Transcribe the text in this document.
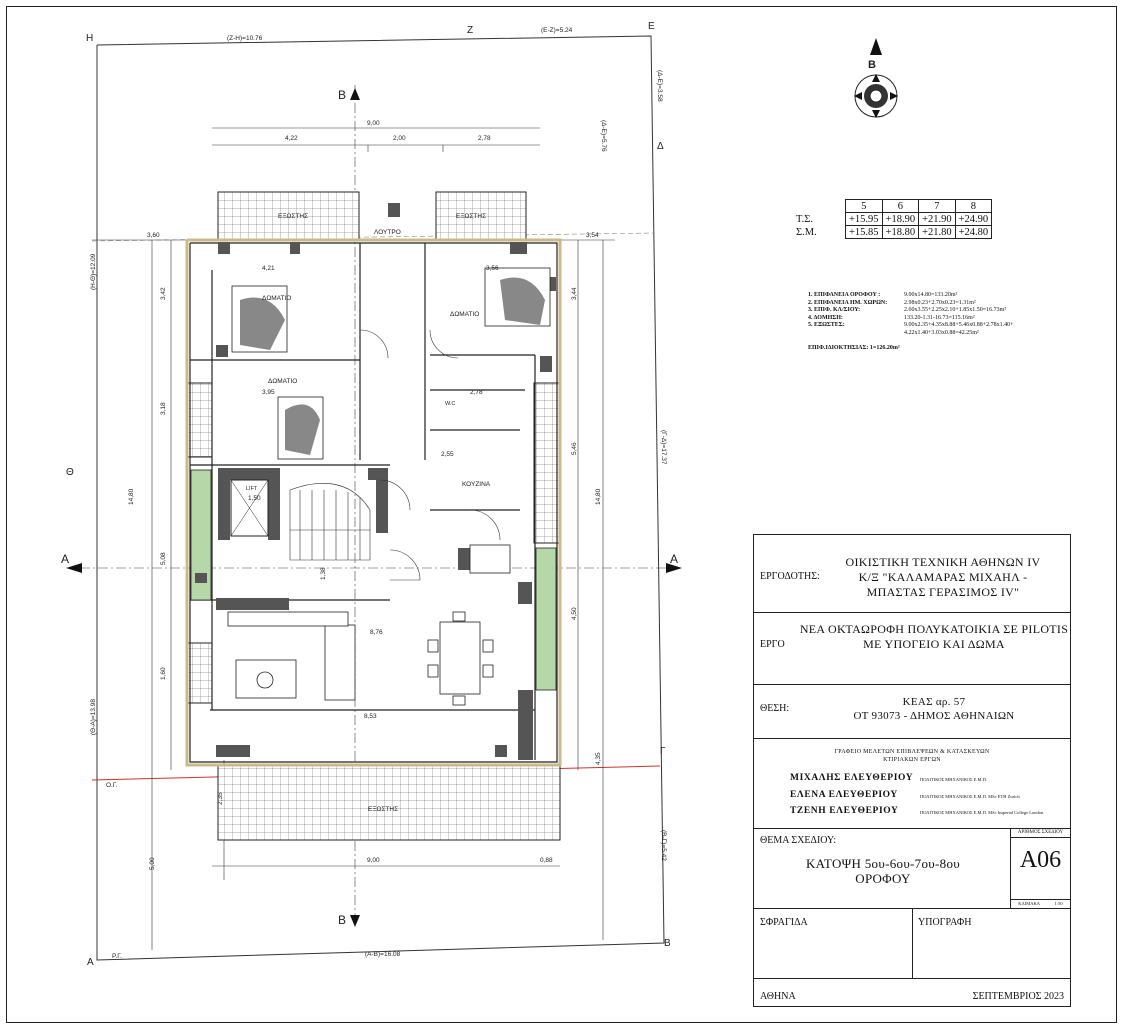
H
Z	E
Δ
Θ
Γ
A
B
B
B
A	A
(Z-H)=10.76
(E-Z)=5.24
(Δ-E)=3.58
(Δ-E)=5.76
(Γ-Δ)=17.37
(B-Γ)=5.42
(A-B)=16.08
(H-Θ)=12.09
(Θ-A)=13.98
Ρ.Γ.
Ο.Γ.
9,00
4,22	2,00	2,78
3,60	3,54
3,42	3,44
3,18
14,80	14,80
5,46
5,08
4,50
1,60
4,35
2,35
5,00	9,00	0,88
4,21	3,56
3,95
8,76
8,53
2,55
2,78
1,38
1,50
ΕΞΩΣΤΗΣ	ΕΞΩΣΤΗΣ
ΕΞΩΣΤΗΣ
ΛΟΥΤΡΟ
ΔΩΜΑΤΙΟ
ΔΩΜΑΤΙΟ
ΔΩΜΑΤΙΟ
W.C
ΚΟΥΖΙΝΑ
LIFT
B
	5	6	7	8
Τ.Σ.	+15.95	+18.90	+21.90	+24.90
Σ.Μ.	+15.85	+18.80	+21.80	+24.80
1. ΕΠΙΦΑΝΕΙΑ ΟΡΟΦΟΥ :	9.00x14.80=133.20m²
2. ΕΠΙΦΑΝΕΙΑ ΗΜ. ΧΩΡΩΝ:	2.98x0.23+2.70x0.23=1.31m²
3. ΕΠΙΦ. ΚΛ/ΣΙΟΥ:	2.60x3.55+2.25x2.10+1.85x1.50=16.73m²
4. ΔΟΜΗΣΗ:	133.20-1.31-16.73=115.16m²
5. ΕΞΩΣΤΕΣ:	9.00x2.35+4.35x8.88+5.46x0.88+2.78x1.40+ 4.22x1.40+3.03x0.88=42.25m²
ΕΠΙΦ.ΙΔΙΟΚΤΗΣΙΑΣ: 1=126.20m²
ΕΡΓΟΔΟΤΗΣ:
ΟΙΚΙΣΤΙΚΗ ΤΕΧΝΙΚΗ ΑΘΗΝΩΝ IV
Κ/Ξ "ΚΑΛΑΜΑΡΑΣ ΜΙΧΑΗΛ -
ΜΠΑΣΤΑΣ ΓΕΡΑΣΙΜΟΣ IV"
ΕΡΓΟ
ΝΕΑ ΟΚΤΑΩΡΟΦΗ ΠΟΛΥΚΑΤΟΙΚΙΑ ΣΕ PILOTIS
ΜΕ ΥΠΟΓΕΙΟ ΚΑΙ ΔΩΜΑ
ΘΕΣΗ:
ΚΕΑΣ αρ. 57
ΟΤ 93073 - ΔΗΜΟΣ ΑΘΗΝΑΙΩΝ
ΓΡΑΦΕΙΟ ΜΕΛΕΤΩΝ ΕΠΙΒΛΕΨΕΩΝ & ΚΑΤΑΣΚΕΥΩΝ
ΚΤΙΡΙΑΚΩΝ ΕΡΓΩΝ
ΜΙΧΑΛΗΣ ΕΛΕΥΘΕΡΙΟΥ ΠΟΛΙΤΙΚΟΣ ΜΗΧΑΝΙΚΟΣ Ε.Μ.Π.
ΕΛΕΝΑ ΕΛΕΥΘΕΡΙΟΥ	ΠΟΛΙΤΙΚΟΣ ΜΗΧΑΝΙΚΟΣ Ε.Μ.Π. MSc ETH Zurich
ΤΖΕΝΗ ΕΛΕΥΘΕΡΙΟΥ	ΠΟΛΙΤΙΚΟΣ ΜΗΧΑΝΙΚΟΣ Ε.Μ.Π. MSc Imperial College London
ΘΕΜΑ ΣΧΕΔΙΟΥ:
ΚΑΤΟΨΗ 5ου-6ου-7ου-8ου
ΟΡΟΦΟΥ
ΑΡΙΘΜΟΣ ΣΧΕΔΙΟΥ
A06
ΚΛΙΜΑΚΑ	1:50
ΣΦΡΑΓΙΔΑ	ΥΠΟΓΡΑΦΗ
ΑΘΗΝΑ	ΣΕΠΤΕΜΒΡΙΟΣ 2023
